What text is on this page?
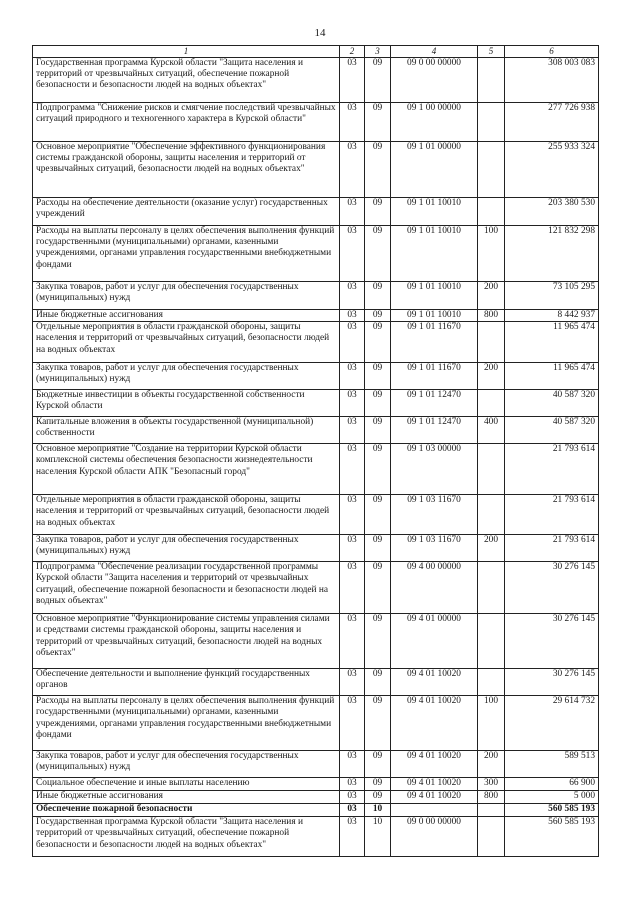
14
1	2	3	4	5	6
Государственная программа Курской области "Защита населения и территорий от чрезвычайных ситуаций, обеспечение пожарной безопасности и безопасности людей на водных объектах"	03	09	09 0 00 00000		308 003 083
Подпрограмма "Снижение рисков и смягчение последствий чрезвычайных ситуаций природного и техногенного характера в Курской области"	03	09	09 1 00 00000		277 726 938
Основное мероприятие "Обеспечение эффективного функционирования системы гражданской обороны, защиты населения и территорий от чрезвычайных ситуаций, безопасности людей на водных объектах"	03	09	09 1 01 00000		255 933 324
Расходы на обеспечение деятельности (оказание услуг) государственных учреждений	03	09	09 1 01 10010		203 380 530
Расходы на выплаты персоналу в целях обеспечения выполнения функций государственными (муниципальными) органами, казенными учреждениями, органами управления государственными внебюджетными фондами	03	09	09 1 01 10010	100	121 832 298
Закупка товаров, работ и услуг для обеспечения государственных (муниципальных) нужд	03	09	09 1 01 10010	200	73 105 295
Иные бюджетные ассигнования	03	09	09 1 01 10010	800	8 442 937
Отдельные мероприятия в области гражданской обороны, защиты населения и территорий от чрезвычайных ситуаций, безопасности людей на водных объектах	03	09	09 1 01 11670		11 965 474
Закупка товаров, работ и услуг для обеспечения государственных (муниципальных) нужд	03	09	09 1 01 11670	200	11 965 474
Бюджетные инвестиции в объекты государственной собственности Курской области	03	09	09 1 01 12470		40 587 320
Капитальные вложения в объекты государственной (муниципальной) собственности	03	09	09 1 01 12470	400	40 587 320
Основное мероприятие "Создание на территории Курской области комплексной системы обеспечения безопасности жизнедеятельности населения Курской области АПК "Безопасный город"	03	09	09 1 03 00000		21 793 614
Отдельные мероприятия в области гражданской обороны, защиты населения и территорий от чрезвычайных ситуаций, безопасности людей на водных объектах	03	09	09 1 03 11670		21 793 614
Закупка товаров, работ и услуг для обеспечения государственных (муниципальных) нужд	03	09	09 1 03 11670	200	21 793 614
Подпрограмма "Обеспечение реализации государственной программы Курской области "Защита населения и территорий от чрезвычайных ситуаций, обеспечение пожарной безопасности и безопасности людей на водных объектах"	03	09	09 4 00 00000		30 276 145
Основное мероприятие "Функционирование системы управления силами и средствами системы гражданской обороны, защиты населения и территорий от чрезвычайных ситуаций, безопасности людей на водных объектах"	03	09	09 4 01 00000		30 276 145
Обеспечение деятельности и выполнение функций государственных органов	03	09	09 4 01 10020		30 276 145
Расходы на выплаты персоналу в целях обеспечения выполнения функций государственными (муниципальными) органами, казенными учреждениями, органами управления государственными внебюджетными фондами	03	09	09 4 01 10020	100	29 614 732
Закупка товаров, работ и услуг для обеспечения государственных (муниципальных) нужд	03	09	09 4 01 10020	200	589 513
Социальное обеспечение и иные выплаты населению	03	09	09 4 01 10020	300	66 900
Иные бюджетные ассигнования	03	09	09 4 01 10020	800	5 000
Обеспечение пожарной безопасности	03	10			560 585 193
Государственная программа Курской области "Защита населения и территорий от чрезвычайных ситуаций, обеспечение пожарной безопасности и безопасности людей на водных объектах"	03	10	09 0 00 00000		560 585 193
